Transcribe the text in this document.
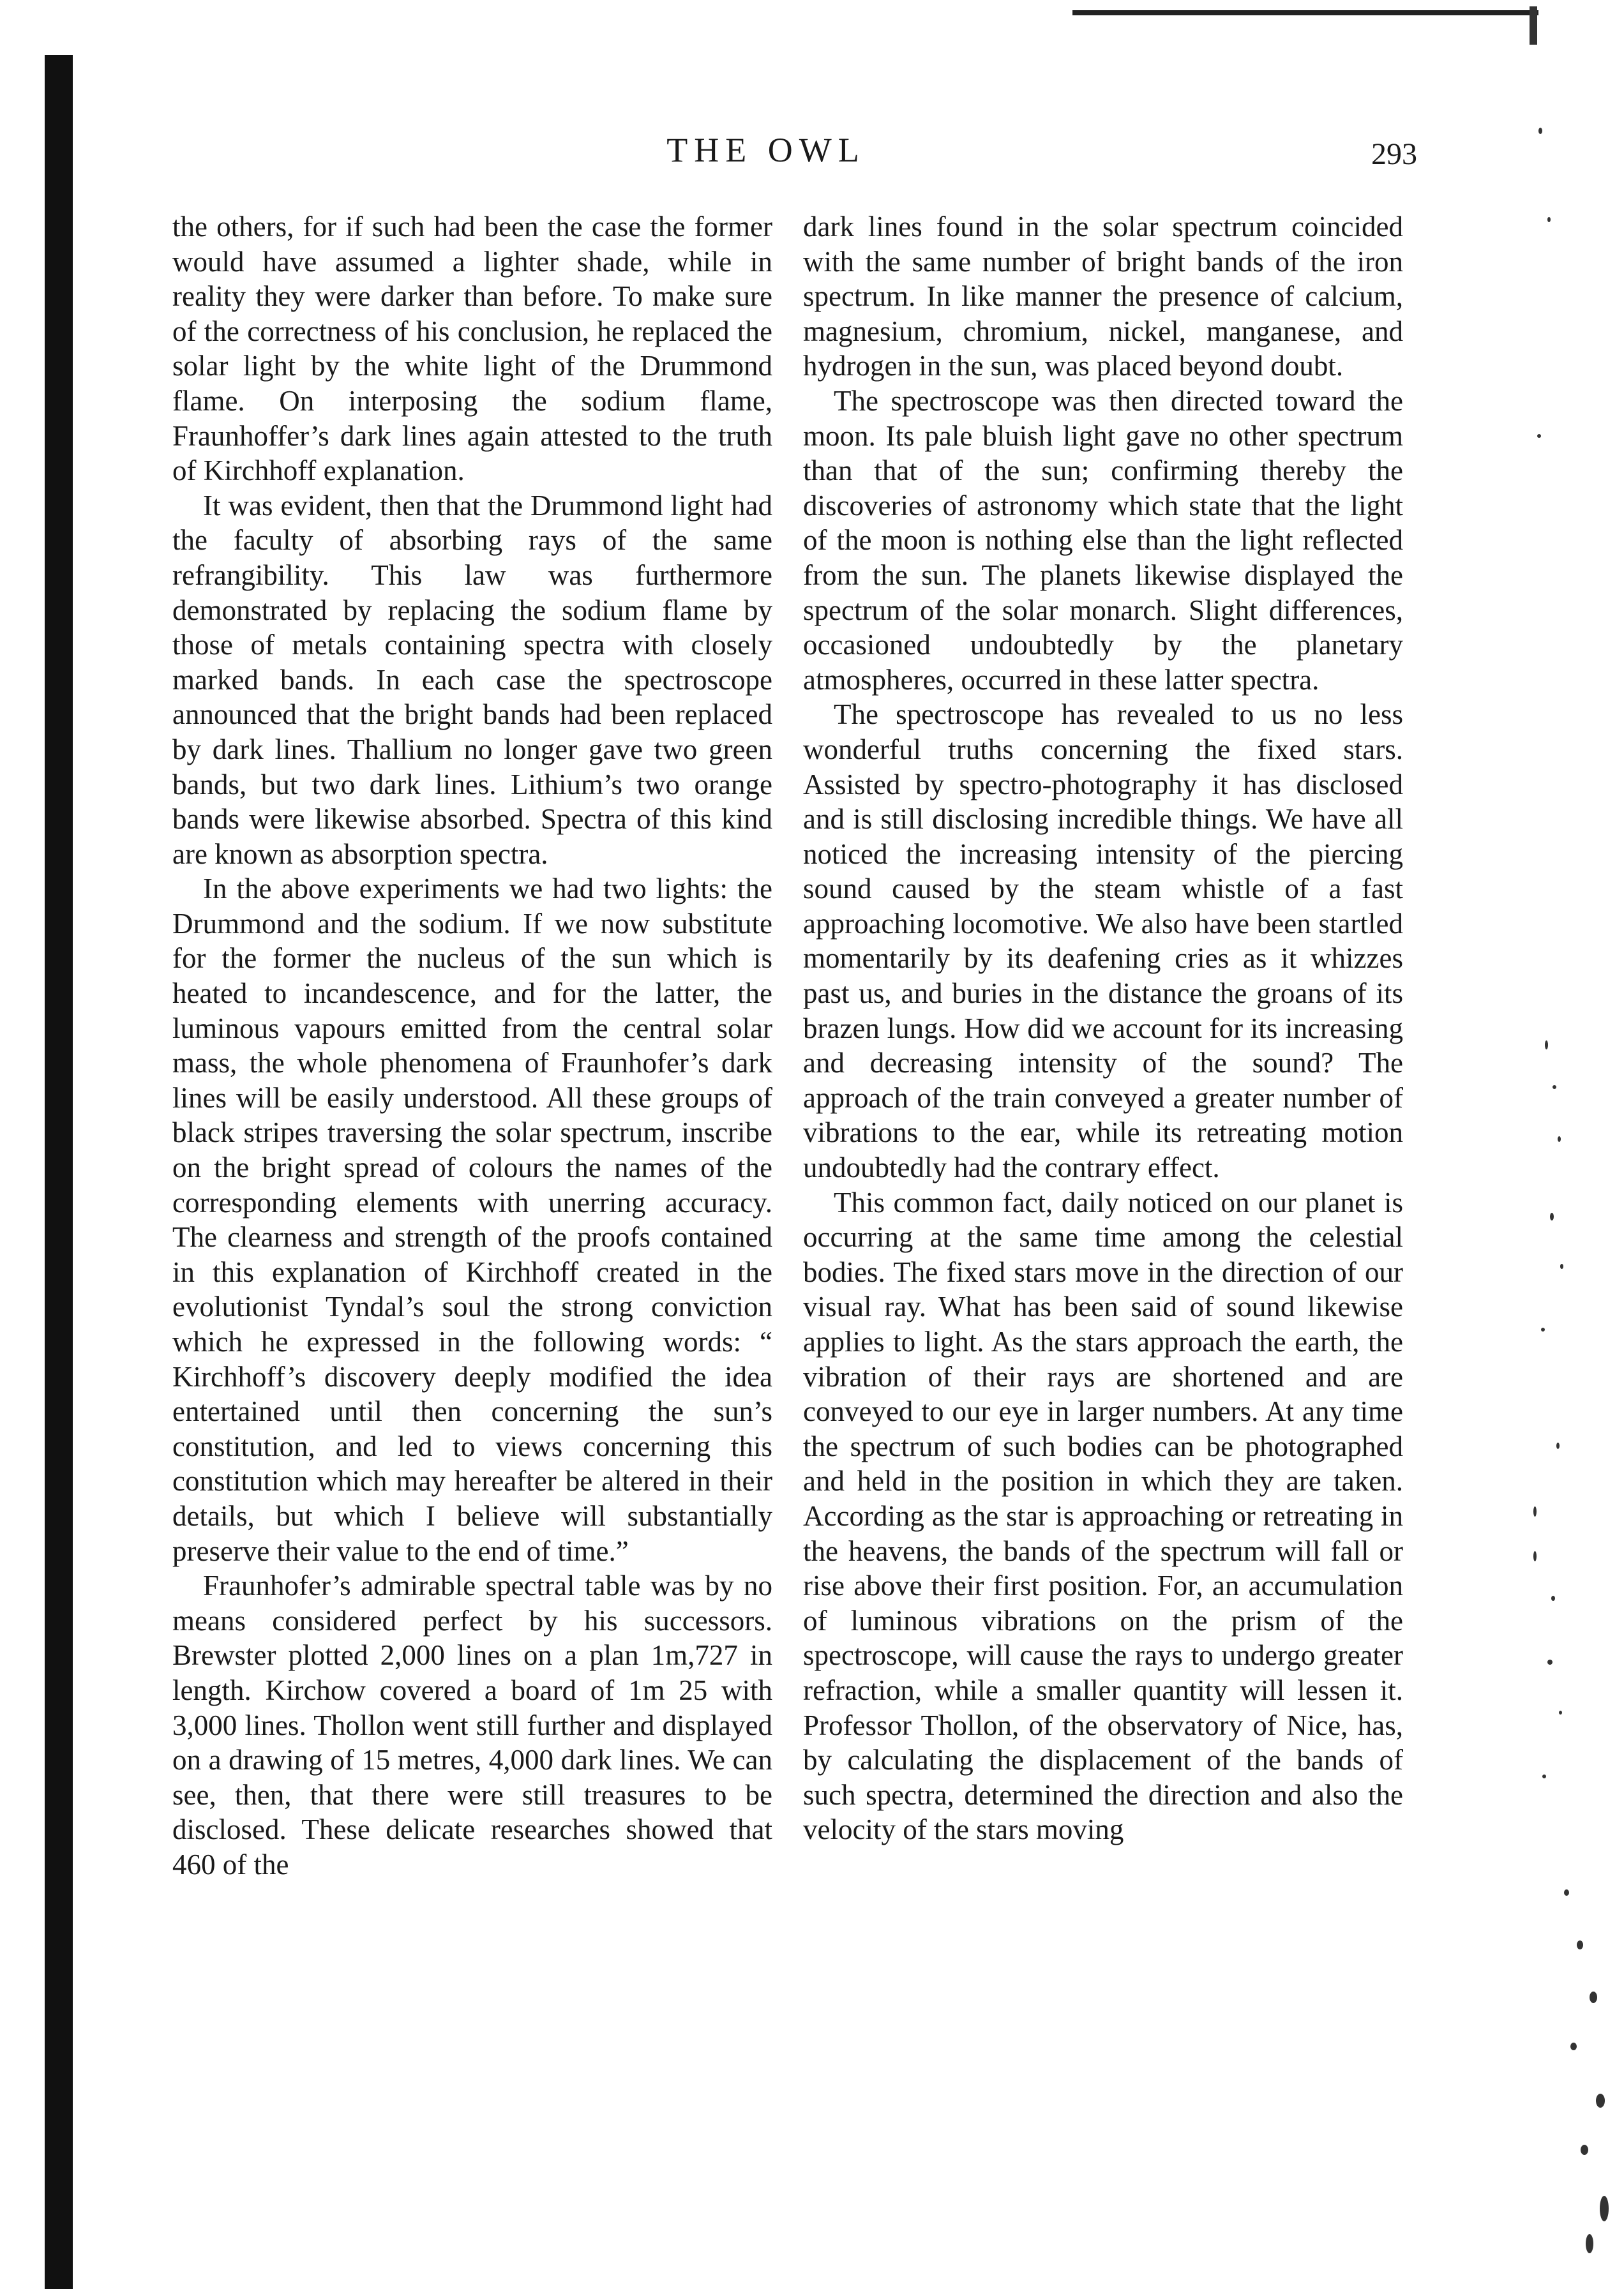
THE OWL	293

the others, for if such had been the case the former would have assumed a lighter shade, while in reality they were darker than before. To make sure of the correctness of his conclusion, he replaced the solar light by the white light of the Drummond flame. On interposing the sodium flame, Fraunhoffer’s dark lines again attested to the truth of Kirchhoff explanation.

It was evident, then that the Drummond light had the faculty of absorbing rays of the same refrangibility. This law was furthermore demonstrated by replacing the sodium flame by those of metals containing spectra with closely marked bands. In each case the spectroscope announced that the bright bands had been replaced by dark lines. Thallium no longer gave two green bands, but two dark lines. Lithium’s two orange bands were likewise absorbed. Spectra of this kind are known as absorption spectra.

In the above experiments we had two lights: the Drummond and the sodium. If we now substitute for the former the nucleus of the sun which is heated to incandescence, and for the latter, the luminous vapours emitted from the central solar mass, the whole phenomena of Fraunhofer’s dark lines will be easily understood. All these groups of black stripes traversing the solar spectrum, inscribe on the bright spread of colours the names of the corresponding elements with unerring accuracy. The clearness and strength of the proofs contained in this explanation of Kirchhoff created in the evolutionist Tyndal’s soul the strong conviction which he expressed in the following words: “ Kirchhoff’s discovery deeply modified the idea entertained until then concerning the sun’s constitution, and led to views concerning this constitution which may hereafter be altered in their details, but which I believe will substantially preserve their value to the end of time.”

Fraunhofer’s admirable spectral table was by no means considered perfect by his successors. Brewster plotted 2,000 lines on a plan 1m,727 in length. Kirchow covered a board of 1m 25 with 3,000 lines. Thollon went still further and displayed on a drawing of 15 metres, 4,000 dark lines. We can see, then, that there were still treasures to be disclosed. These delicate researches showed that 460 of the

dark lines found in the solar spectrum coincided with the same number of bright bands of the iron spectrum. In like manner the presence of calcium, magnesium, chromium, nickel, manganese, and hydrogen in the sun, was placed beyond doubt.

The spectroscope was then directed toward the moon. Its pale bluish light gave no other spectrum than that of the sun; confirming thereby the discoveries of astronomy which state that the light of the moon is nothing else than the light reflected from the sun. The planets likewise displayed the spectrum of the solar monarch. Slight differences, occasioned undoubtedly by the planetary atmospheres, occurred in these latter spectra.

The spectroscope has revealed to us no less wonderful truths concerning the fixed stars. Assisted by spectro-photography it has disclosed and is still disclosing incredible things. We have all noticed the increasing intensity of the piercing sound caused by the steam whistle of a fast approaching locomotive. We also have been startled momentarily by its deafening cries as it whizzes past us, and buries in the distance the groans of its brazen lungs. How did we account for its increasing and decreasing intensity of the sound? The approach of the train conveyed a greater number of vibrations to the ear, while its retreating motion undoubtedly had the contrary effect.

This common fact, daily noticed on our planet is occurring at the same time among the celestial bodies. The fixed stars move in the direction of our visual ray. What has been said of sound likewise applies to light. As the stars approach the earth, the vibration of their rays are shortened and are conveyed to our eye in larger numbers. At any time the spectrum of such bodies can be photographed and held in the position in which they are taken. According as the star is approaching or retreating in the heavens, the bands of the spectrum will fall or rise above their first position. For, an accumulation of luminous vibrations on the prism of the spectroscope, will cause the rays to undergo greater refraction, while a smaller quantity will lessen it. Professor Thollon, of the observatory of Nice, has, by calculating the displacement of the bands of such spectra, determined the direction and also the velocity of the stars moving
